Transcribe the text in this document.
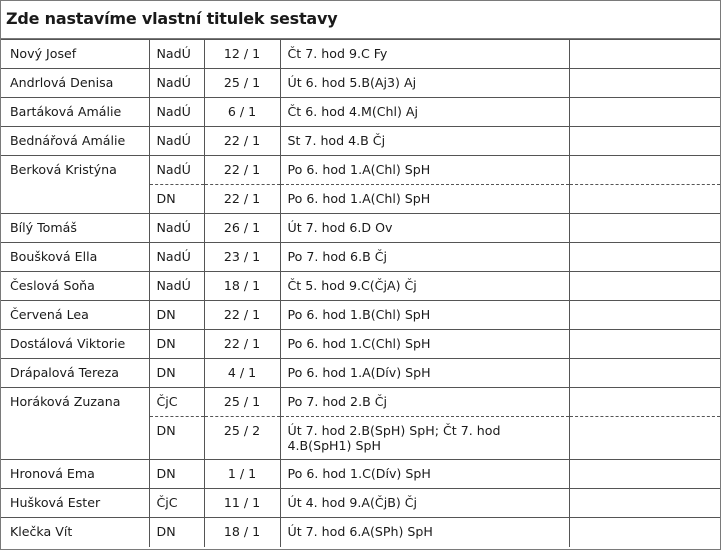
Zde nastavíme vlastní titulek sestavy
Nový Josef	NadÚ	12 / 1	Čt 7. hod 9.C Fy	
Andrlová Denisa	NadÚ	25 / 1	Út 6. hod 5.B(Aj3) Aj	
Bartáková Amálie	NadÚ	6 / 1	Čt 6. hod 4.M(Chl) Aj	
Bednářová Amálie	NadÚ	22 / 1	St 7. hod 4.B Čj	
Berková Kristýna	NadÚ	22 / 1	Po 6. hod 1.A(Chl) SpH	
	DN	22 / 1	Po 6. hod 1.A(Chl) SpH	
Bílý Tomáš	NadÚ	26 / 1	Út 7. hod 6.D Ov	
Boušková Ella	NadÚ	23 / 1	Po 7. hod 6.B Čj	
Česlová Soňa	NadÚ	18 / 1	Čt 5. hod 9.C(ČjA) Čj	
Červená Lea	DN	22 / 1	Po 6. hod 1.B(Chl) SpH	
Dostálová Viktorie	DN	22 / 1	Po 6. hod 1.C(Chl) SpH	
Drápalová Tereza	DN	4 / 1	Po 6. hod 1.A(Dív) SpH	
Horáková Zuzana	ČjC	25 / 1	Po 7. hod 2.B Čj	
	DN	25 / 2	Út 7. hod 2.B(SpH) SpH; Čt 7. hod 4.B(SpH1) SpH	
Hronová Ema	DN	1 / 1	Po 6. hod 1.C(Dív) SpH	
Hušková Ester	ČjC	11 / 1	Út 4. hod 9.A(ČjB) Čj	
Klečka Vít	DN	18 / 1	Út 7. hod 6.A(SPh) SpH	
